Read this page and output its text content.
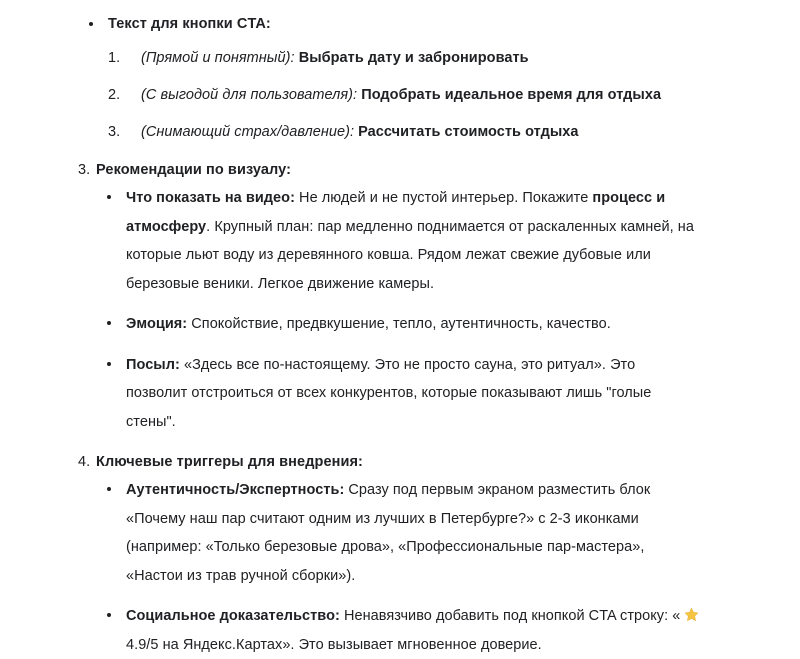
Текст для кнопки CTA:
(Прямой и понятный): Выбрать дату и забронировать
(С выгодой для пользователя): Подобрать идеальное время для отдыха
(Снимающий страх/давление): Рассчитать стоимость отдыха
Рекомендации по визуалу:
Что показать на видео: Не людей и не пустой интерьер. Покажите процесс и атмосферу. Крупный план: пар медленно поднимается от раскаленных камней, на которые льют воду из деревянного ковша. Рядом лежат свежие дубовые или березовые веники. Легкое движение камеры.
Эмоция: Спокойствие, предвкушение, тепло, аутентичность, качество.
Посыл: «Здесь все по-настоящему. Это не просто сауна, это ритуал». Это позволит отстроиться от всех конкурентов, которые показывают лишь "голые стены".
Ключевые триггеры для внедрения:
Аутентичность/Экспертность: Сразу под первым экраном разместить блок «Почему наш пар считают одним из лучших в Петербурге?» с 2-3 иконками (например: «Только березовые дрова», «Профессиональные пар-мастера», «Настои из трав ручной сборки»).
Социальное доказательство: Ненавязчиво добавить под кнопкой CTA строку: «  4.9/5 на Яндекс.Картах». Это вызывает мгновенное доверие.
